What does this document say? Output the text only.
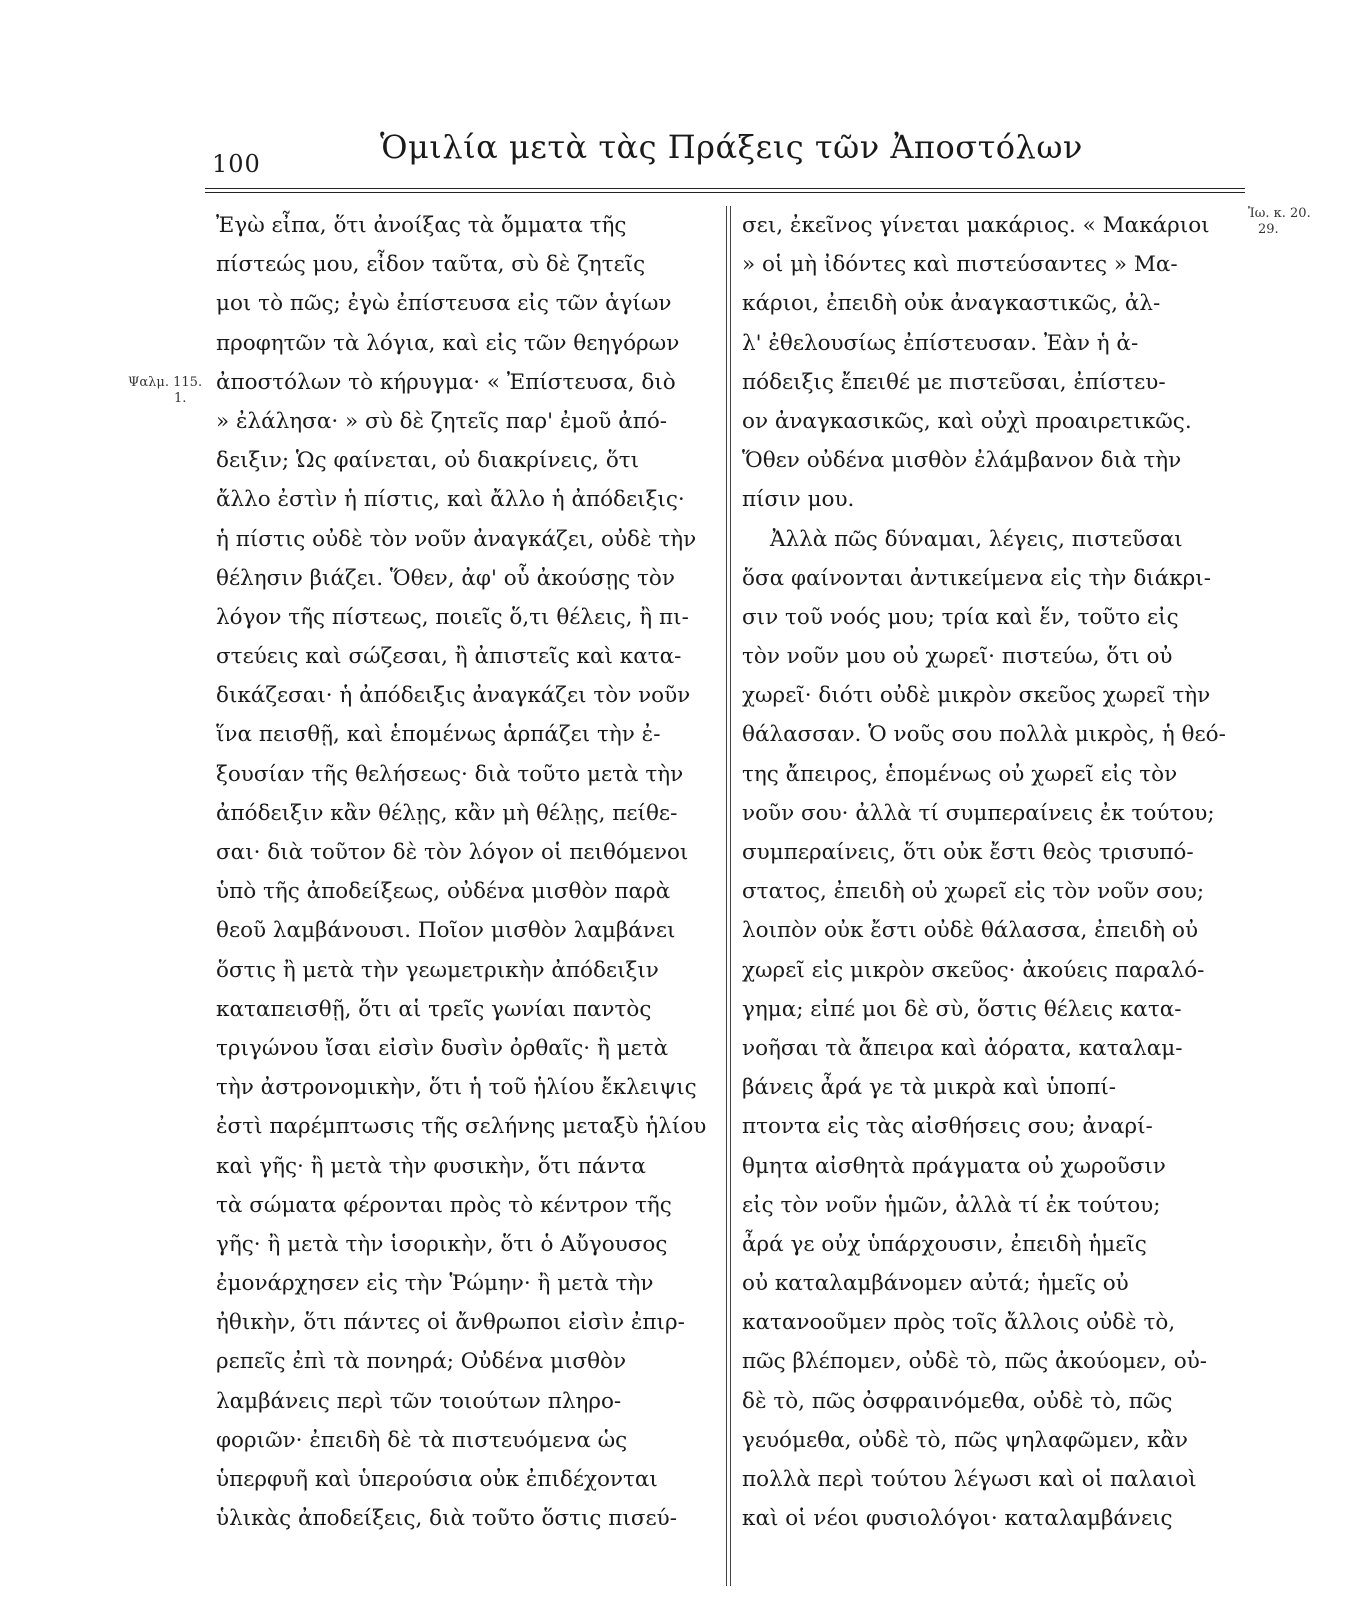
100	Ὁμιλία μετὰ τὰς Πράξεις τῶν Ἀποστόλων
Ψαλμ. 115.
1.
Ἰω. κ. 20.
29.
Ἐγὼ εἶπα, ὅτι ἀνοίξας τὰ ὄμματα τῆς
πίστεώς μου, εἶδον ταῦτα, σὺ δὲ ζητεῖς
μοι τὸ πῶς; ἐγὼ ἐπίστευσα εἰς τῶν ἁγίων
προφητῶν τὰ λόγια, καὶ εἰς τῶν θεηγόρων
ἀποστόλων τὸ κήρυγμα· « Ἐπίστευσα, διὸ
» ἐλάλησα· » σὺ δὲ ζητεῖς παρ' ἐμοῦ ἀπό-
δειξιν; Ὡς φαίνεται, οὐ διακρίνεις, ὅτι
ἄλλο ἐστὶν ἡ πίστις, καὶ ἄλλο ἡ ἀπόδειξις·
ἡ πίστις οὐδὲ τὸν νοῦν ἀναγκάζει, οὐδὲ τὴν
θέλησιν βιάζει. Ὅθεν, ἀφ' οὗ ἀκούσῃς τὸν
λόγον τῆς πίστεως, ποιεῖς ὅ,τι θέλεις, ἢ πι-
στεύεις καὶ σώζεσαι, ἢ ἀπιστεῖς καὶ κατα-
δικάζεσαι· ἡ ἀπόδειξις ἀναγκάζει τὸν νοῦν
ἵνα πεισθῇ, καὶ ἑπομένως ἁρπάζει τὴν ἐ-
ξουσίαν τῆς θελήσεως· διὰ τοῦτο μετὰ τὴν
ἀπόδειξιν κἂν θέλῃς, κἂν μὴ θέλῃς, πείθε-
σαι· διὰ τοῦτον δὲ τὸν λόγον οἱ πειθόμενοι
ὑπὸ τῆς ἀποδείξεως, οὐδένα μισθὸν παρὰ
θεοῦ λαμβάνουσι. Ποῖον μισθὸν λαμβάνει
ὅστις ἢ μετὰ τὴν γεωμετρικὴν ἀπόδειξιν
καταπεισθῇ, ὅτι αἱ τρεῖς γωνίαι παντὸς
τριγώνου ἴσαι εἰσὶν δυσὶν ὀρθαῖς· ἢ μετὰ
τὴν ἀστρονομικὴν, ὅτι ἡ τοῦ ἡλίου ἔκλειψις
ἐστὶ παρέμπτωσις τῆς σελήνης μεταξὺ ἡλίου
καὶ γῆς· ἢ μετὰ τὴν φυσικὴν, ὅτι πάντα
τὰ σώματα φέρονται πρὸς τὸ κέντρον τῆς
γῆς· ἢ μετὰ τὴν ἱσορικὴν, ὅτι ὁ Αὔγουσος
ἐμονάρχησεν εἰς τὴν Ῥώμην· ἢ μετὰ τὴν
ἠθικὴν, ὅτι πάντες οἱ ἄνθρωποι εἰσὶν ἐπιρ-
ρεπεῖς ἐπὶ τὰ πονηρά; Οὐδένα μισθὸν
λαμβάνεις περὶ τῶν τοιούτων πληρο-
φοριῶν· ἐπειδὴ δὲ τὰ πιστευόμενα ὡς
ὑπερφυῆ καὶ ὑπερούσια οὐκ ἐπιδέχονται
ὑλικὰς ἀποδείξεις, διὰ τοῦτο ὅστις πισεύ-
σει, ἐκεῖνος γίνεται μακάριος. « Μακάριοι
» οἱ μὴ ἰδόντες καὶ πιστεύσαντες » Μα-
κάριοι, ἐπειδὴ οὐκ ἀναγκαστικῶς, ἀλ-
λ' ἐθελουσίως ἐπίστευσαν. Ἐὰν ἡ ἀ-
πόδειξις ἔπειθέ με πιστεῦσαι, ἐπίστευ-
ον ἀναγκασικῶς, καὶ οὐχὶ προαιρετικῶς.
Ὅθεν οὐδένα μισθὸν ἐλάμβανον διὰ τὴν
πίσιν μου.
Ἀλλὰ πῶς δύναμαι, λέγεις, πιστεῦσαι
ὅσα φαίνονται ἀντικείμενα εἰς τὴν διάκρι-
σιν τοῦ νοός μου; τρία καὶ ἕν, τοῦτο εἰς
τὸν νοῦν μου οὐ χωρεῖ· πιστεύω, ὅτι οὐ
χωρεῖ· διότι οὐδὲ μικρὸν σκεῦος χωρεῖ τὴν
θάλασσαν. Ὁ νοῦς σου πολλὰ μικρὸς, ἡ θεό-
της ἄπειρος, ἑπομένως οὐ χωρεῖ εἰς τὸν
νοῦν σου· ἀλλὰ τί συμπεραίνεις ἐκ τούτου;
συμπεραίνεις, ὅτι οὐκ ἔστι θεὸς τρισυπό-
στατος, ἐπειδὴ οὐ χωρεῖ εἰς τὸν νοῦν σου;
λοιπὸν οὐκ ἔστι οὐδὲ θάλασσα, ἐπειδὴ οὐ
χωρεῖ εἰς μικρὸν σκεῦος· ἀκούεις παραλό-
γημα; εἰπέ μοι δὲ σὺ, ὅστις θέλεις κατα-
νοῆσαι τὰ ἄπειρα καὶ ἀόρατα, καταλαμ-
βάνεις ἆρά γε τὰ μικρὰ καὶ ὑποπί-
πτοντα εἰς τὰς αἰσθήσεις σου; ἀναρί-
θμητα αἰσθητὰ πράγματα οὐ χωροῦσιν
εἰς τὸν νοῦν ἡμῶν, ἀλλὰ τί ἐκ τούτου;
ἆρά γε οὐχ ὑπάρχουσιν, ἐπειδὴ ἡμεῖς
οὐ καταλαμβάνομεν αὐτά; ἡμεῖς οὐ
κατανοοῦμεν πρὸς τοῖς ἄλλοις οὐδὲ τὸ,
πῶς βλέπομεν, οὐδὲ τὸ, πῶς ἀκούομεν, οὐ-
δὲ τὸ, πῶς ὀσφραινόμεθα, οὐδὲ τὸ, πῶς
γευόμεθα, οὐδὲ τὸ, πῶς ψηλαφῶμεν, κἂν
πολλὰ περὶ τούτου λέγωσι καὶ οἱ παλαιοὶ
καὶ οἱ νέοι φυσιολόγοι· καταλαμβάνεις
